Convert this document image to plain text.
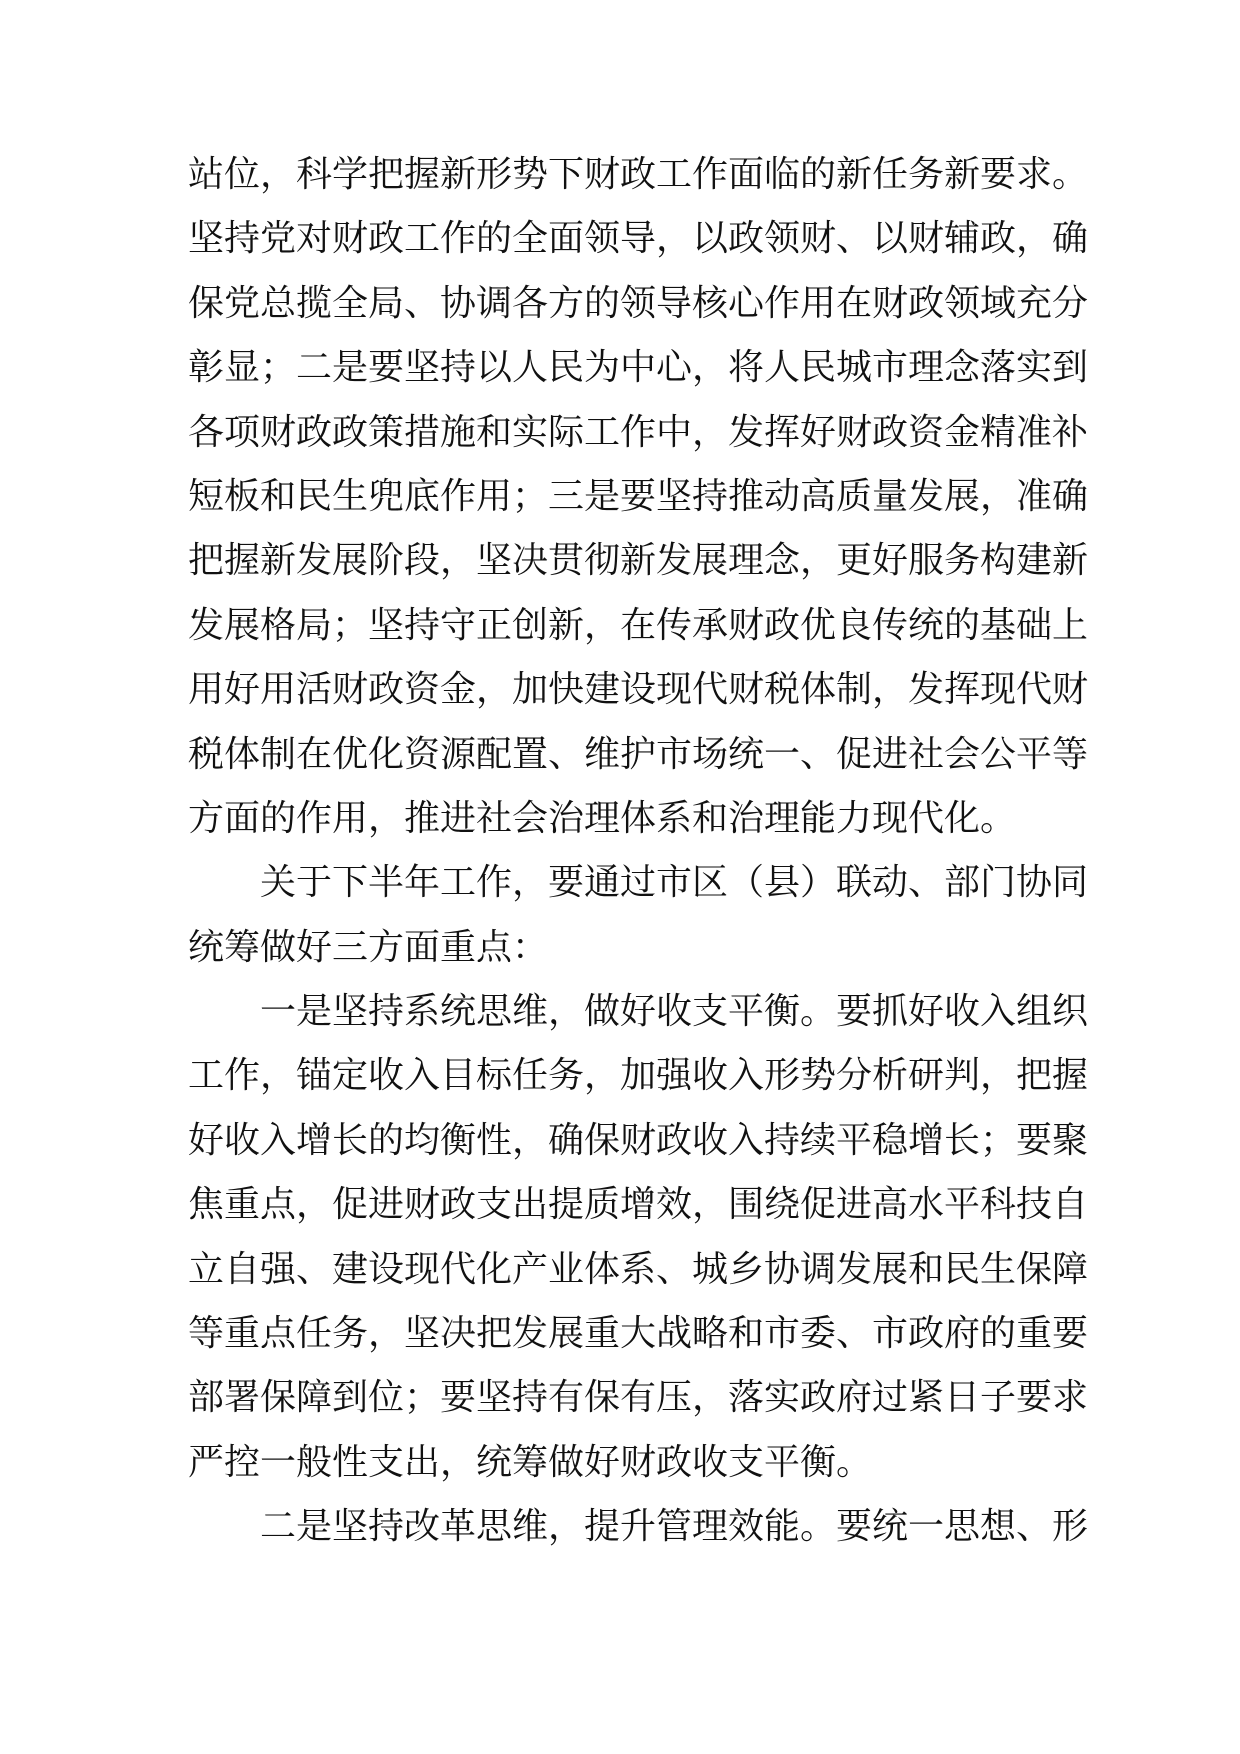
站位，科学把握新形势下财政工作面临的新任务新要求。
坚持党对财政工作的全面领导，以政领财、以财辅政，确
保党总揽全局、协调各方的领导核心作用在财政领域充分
彰显；二是要坚持以人民为中心，将人民城市理念落实到
各项财政政策措施和实际工作中，发挥好财政资金精准补
短板和民生兜底作用；三是要坚持推动高质量发展，准确
把握新发展阶段，坚决贯彻新发展理念，更好服务构建新
发展格局；坚持守正创新，在传承财政优良传统的基础上
用好用活财政资金，加快建设现代财税体制，发挥现代财
税体制在优化资源配置、维护市场统一、促进社会公平等
方面的作用，推进社会治理体系和治理能力现代化。
关于下半年工作，要通过市区（县）联动、部门协同
统筹做好三方面重点：
一是坚持系统思维，做好收支平衡。要抓好收入组织
工作，锚定收入目标任务，加强收入形势分析研判，把握
好收入增长的均衡性，确保财政收入持续平稳增长；要聚
焦重点，促进财政支出提质增效，围绕促进高水平科技自
立自强、建设现代化产业体系、城乡协调发展和民生保障
等重点任务，坚决把发展重大战略和市委、市政府的重要
部署保障到位；要坚持有保有压，落实政府过紧日子要求
严控一般性支出，统筹做好财政收支平衡。
二是坚持改革思维，提升管理效能。要统一思想、形
